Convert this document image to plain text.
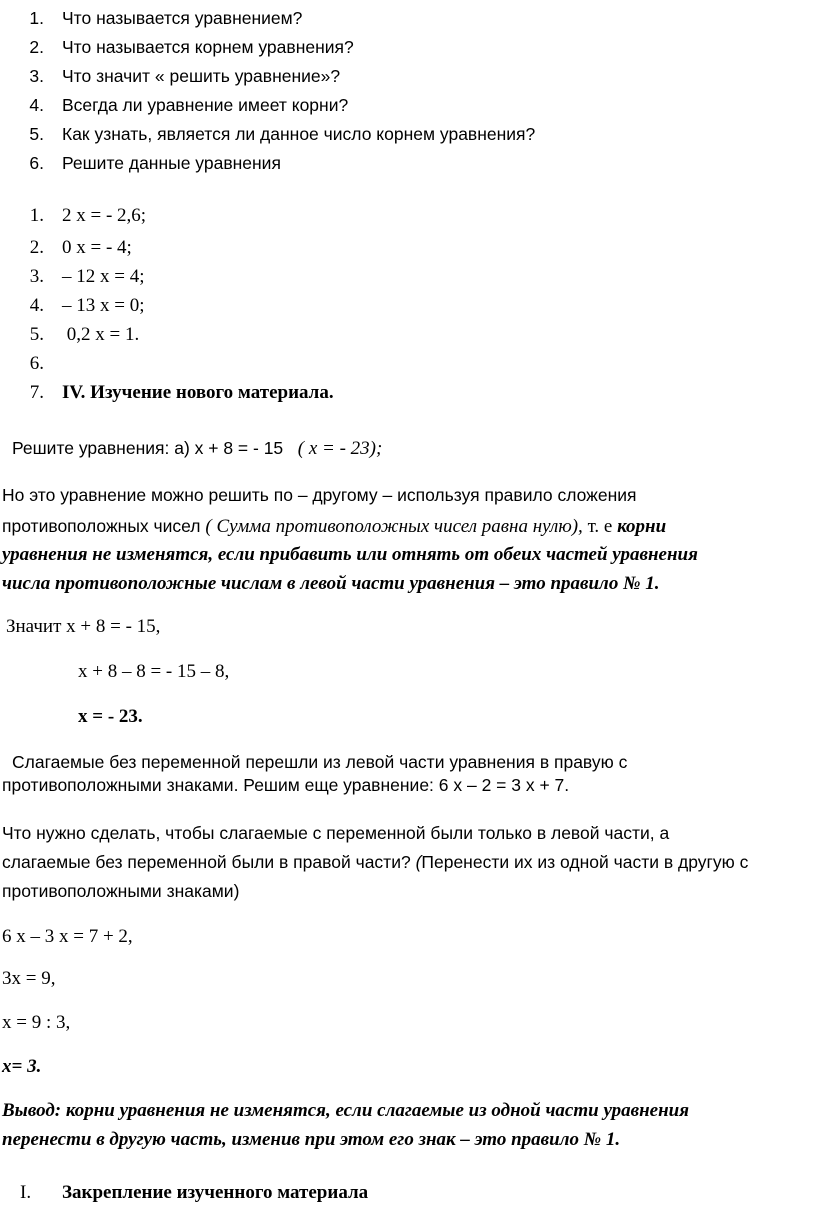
1. Что называется уравнением?
2. Что называется корнем уравнения?
3. Что значит « решить уравнение»?
4. Всегда ли уравнение имеет корни?
5. Как узнать, является ли данное число корнем уравнения?
6. Решите данные уравнения
1. 2 x = - 2,6;
2. 0 x = - 4;
3. – 12 x = 4;
4. – 13 x = 0;
5. 0,2 x = 1.
6.
7. IV. Изучение нового материала.
Решите уравнения: а) х + 8 = - 15 ( х = - 23);
Но это уравнение можно решить по – другому – используя правило сложения
противоположных чисел ( Сумма противоположных чисел равна нулю), т. е корни
уравнения не изменятся, если прибавить или отнять от обеих частей уравнения
числа противоположные числам в левой части уравнения – это правило № 1.
Значит х + 8 = - 15,
х + 8 – 8 = - 15 – 8,
х = - 23.
Слагаемые без переменной перешли из левой части уравнения в правую с
противоположными знаками. Решим еще уравнение: 6 х – 2 = 3 х + 7.
Что нужно сделать, чтобы слагаемые с переменной были только в левой части, а
слагаемые без переменной были в правой части? (Перенести их из одной части в другую с
противоположными знаками)
6 х – 3 х = 7 + 2,
3х = 9,
х = 9 : 3,
х= 3.
Вывод: корни уравнения не изменятся, если слагаемые из одной части уравнения
перенести в другую часть, изменив при этом его знак – это правило № 1.
I. Закрепление изученного материала
